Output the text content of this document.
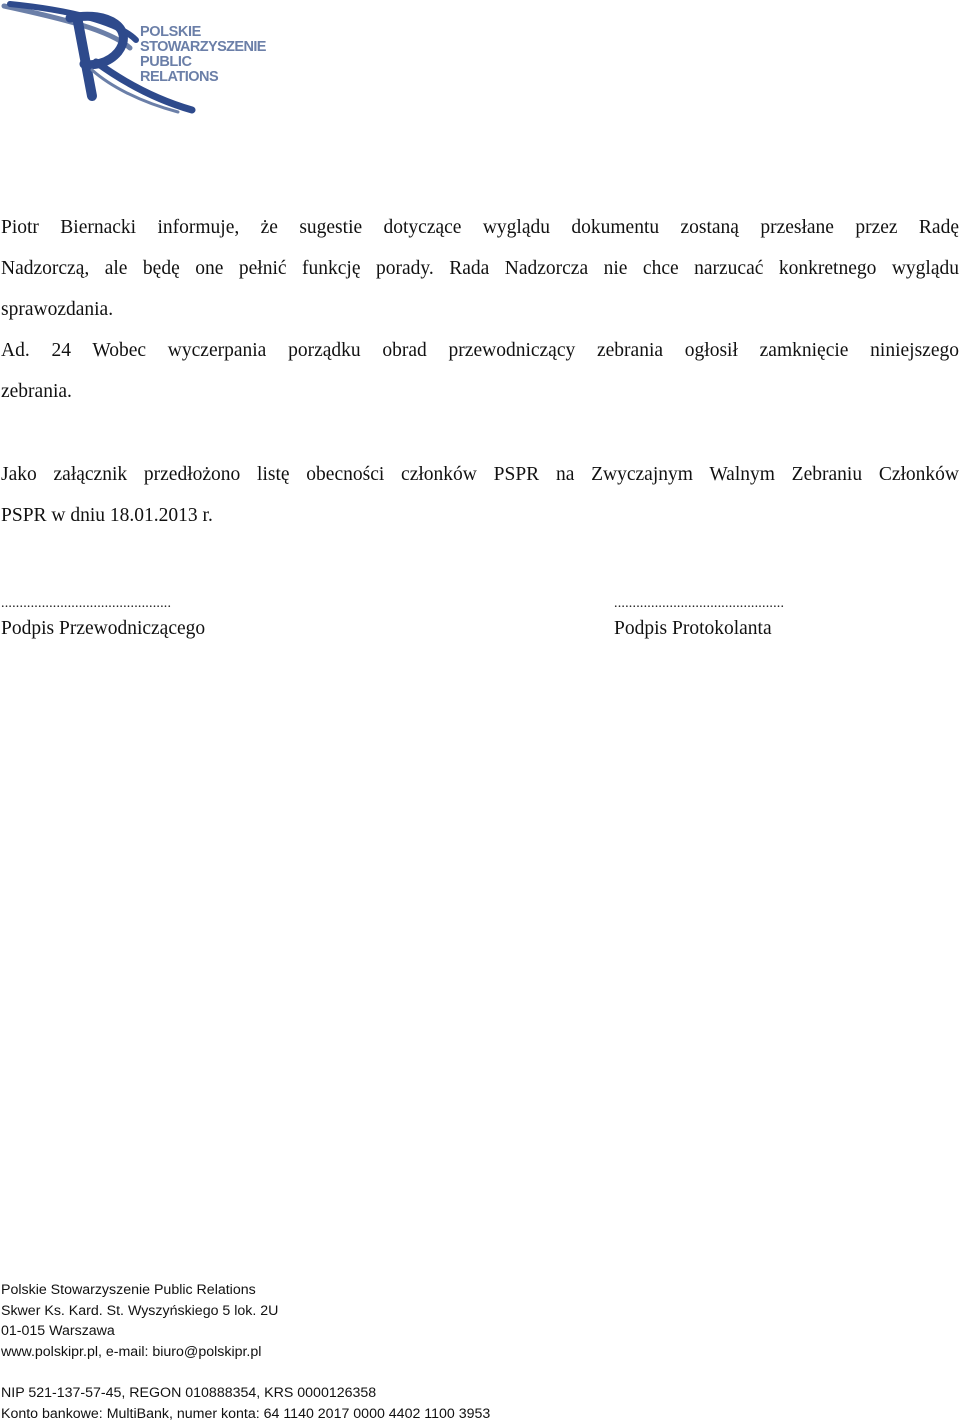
POLSKIE
STOWARZYSZENIE
PUBLIC
RELATIONS
Piotr Biernacki informuje, że sugestie dotyczące wyglądu dokumentu zostaną przesłane przez Radę
Nadzorczą, ale będę one pełnić funkcję porady. Rada Nadzorcza nie chce narzucać konkretnego wyglądu
sprawozdania.
Ad. 24 Wobec wyczerpania porządku obrad przewodniczący zebrania ogłosił zamknięcie niniejszego
zebrania.
Jako załącznik przedłożono listę obecności członków PSPR na Zwyczajnym Walnym Zebraniu Członków
PSPR w dniu 18.01.2013 r.
..............................................
Podpis Przewodniczącego
..............................................
Podpis Protokolanta
Polskie Stowarzyszenie Public Relations
Skwer Ks. Kard. St. Wyszyńskiego 5 lok. 2U
01-015 Warszawa
www.polskipr.pl, e-mail: biuro@polskipr.pl
NIP 521-137-57-45, REGON 010888354, KRS 0000126358
Konto bankowe: MultiBank, numer konta: 64 1140 2017 0000 4402 1100 3953
